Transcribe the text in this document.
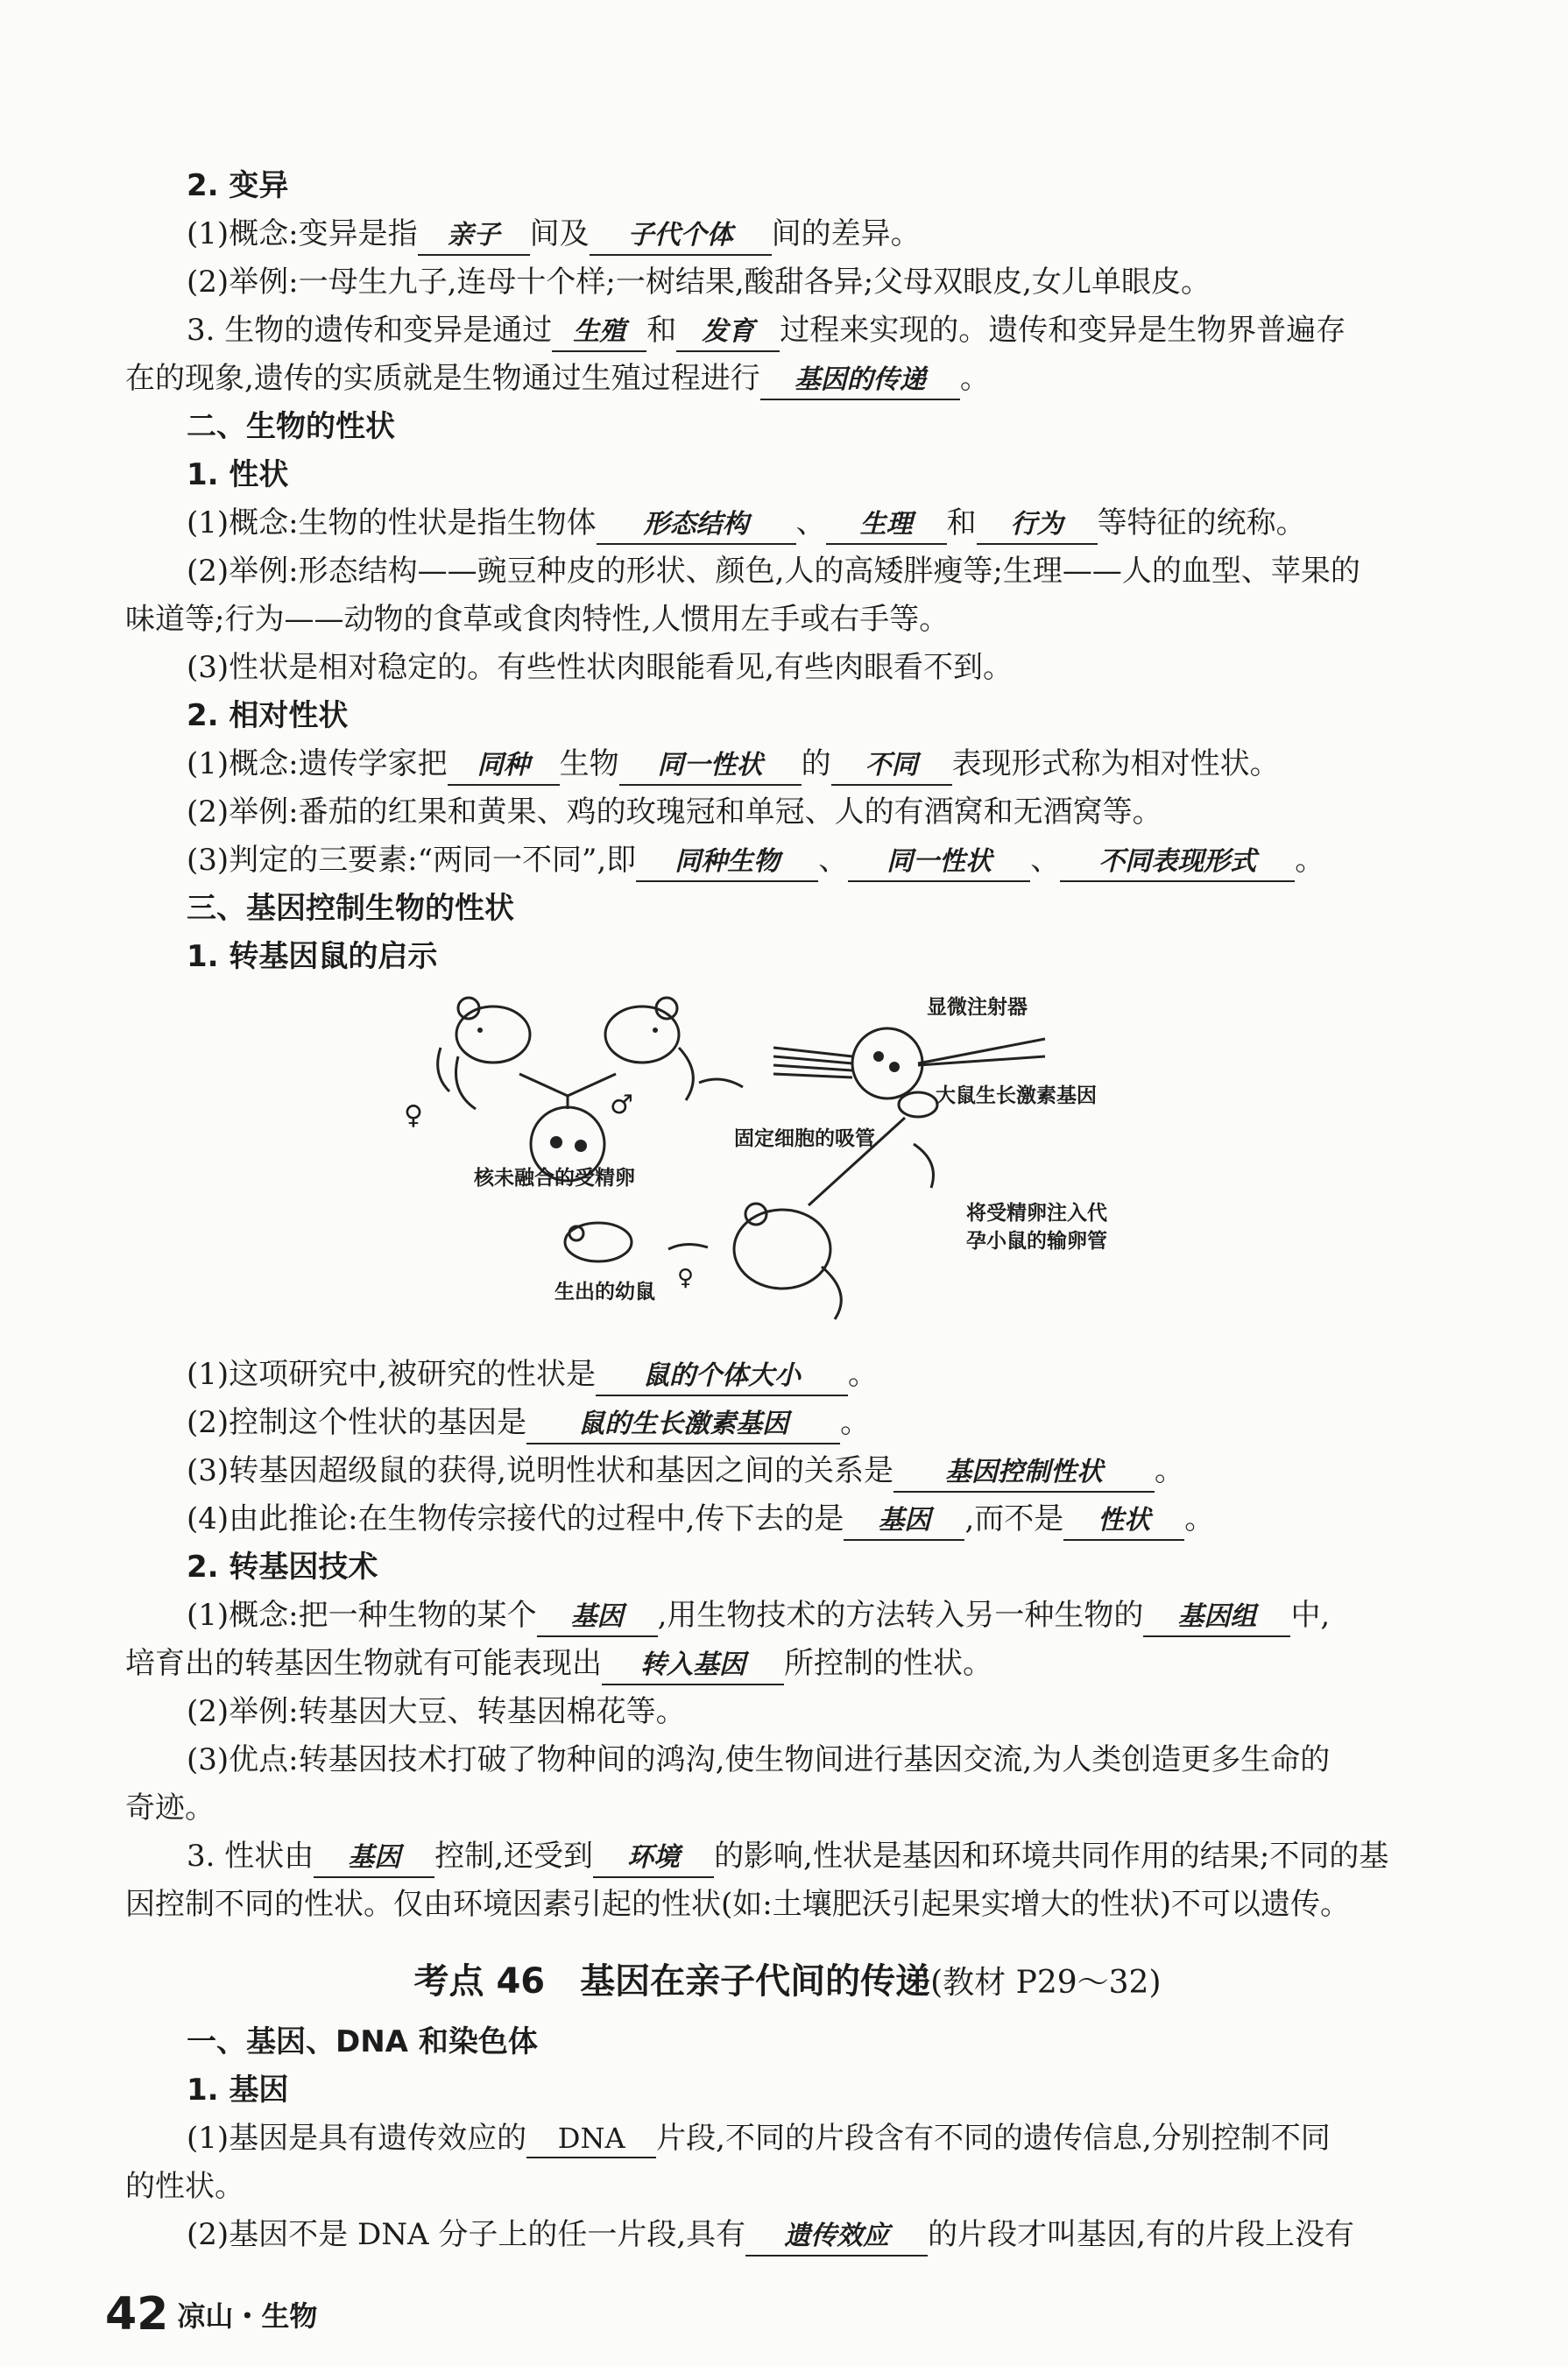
2. 变异
(1)概念:变异是指 亲子 间及 子代个体 间的差异。
(2)举例:一母生九子,连母十个样;一树结果,酸甜各异;父母双眼皮,女儿单眼皮。
3. 生物的遗传和变异是通过 生殖 和 发育 过程来实现的。遗传和变异是生物界普遍存
在的现象,遗传的实质就是生物通过生殖过程进行 基因的传递 。
二、生物的性状
1. 性状
(1)概念:生物的性状是指生物体 形态结构 、 生理 和 行为 等特征的统称。
(2)举例:形态结构——豌豆种皮的形状、颜色,人的高矮胖瘦等;生理——人的血型、苹果的
味道等;行为——动物的食草或食肉特性,人惯用左手或右手等。
(3)性状是相对稳定的。有些性状肉眼能看见,有些肉眼看不到。
2. 相对性状
(1)概念:遗传学家把 同种 生物 同一性状 的 不同 表现形式称为相对性状。
(2)举例:番茄的红果和黄果、鸡的玫瑰冠和单冠、人的有酒窝和无酒窝等。
(3)判定的三要素:“两同一不同”,即 同种生物 、 同一性状 、 不同表现形式 。
三、基因控制生物的性状
1. 转基因鼠的启示
♀	♂
显微注射器
大鼠生长激素基因
固定细胞的吸管
核未融合的受精卵
将受精卵注入代
孕小鼠的输卵管
♀
生出的幼鼠
(1)这项研究中,被研究的性状是 鼠的个体大小 。
(2)控制这个性状的基因是 鼠的生长激素基因 。
(3)转基因超级鼠的获得,说明性状和基因之间的关系是 基因控制性状 。
(4)由此推论:在生物传宗接代的过程中,传下去的是 基因 ,而不是 性状 。
2. 转基因技术
(1)概念:把一种生物的某个 基因 ,用生物技术的方法转入另一种生物的 基因组 中,
培育出的转基因生物就有可能表现出 转入基因 所控制的性状。
(2)举例:转基因大豆、转基因棉花等。
(3)优点:转基因技术打破了物种间的鸿沟,使生物间进行基因交流,为人类创造更多生命的
奇迹。
3. 性状由 基因 控制,还受到 环境 的影响,性状是基因和环境共同作用的结果;不同的基
因控制不同的性状。仅由环境因素引起的性状(如:土壤肥沃引起果实增大的性状)不可以遗传。
考点 46　基因在亲子代间的传递(教材 P29～32)
一、基因、DNA 和染色体
1. 基因
(1)基因是具有遗传效应的 DNA 片段,不同的片段含有不同的遗传信息,分别控制不同
的性状。
(2)基因不是 DNA 分子上的任一片段,具有 遗传效应 的片段才叫基因,有的片段上没有
42 凉山・生物
